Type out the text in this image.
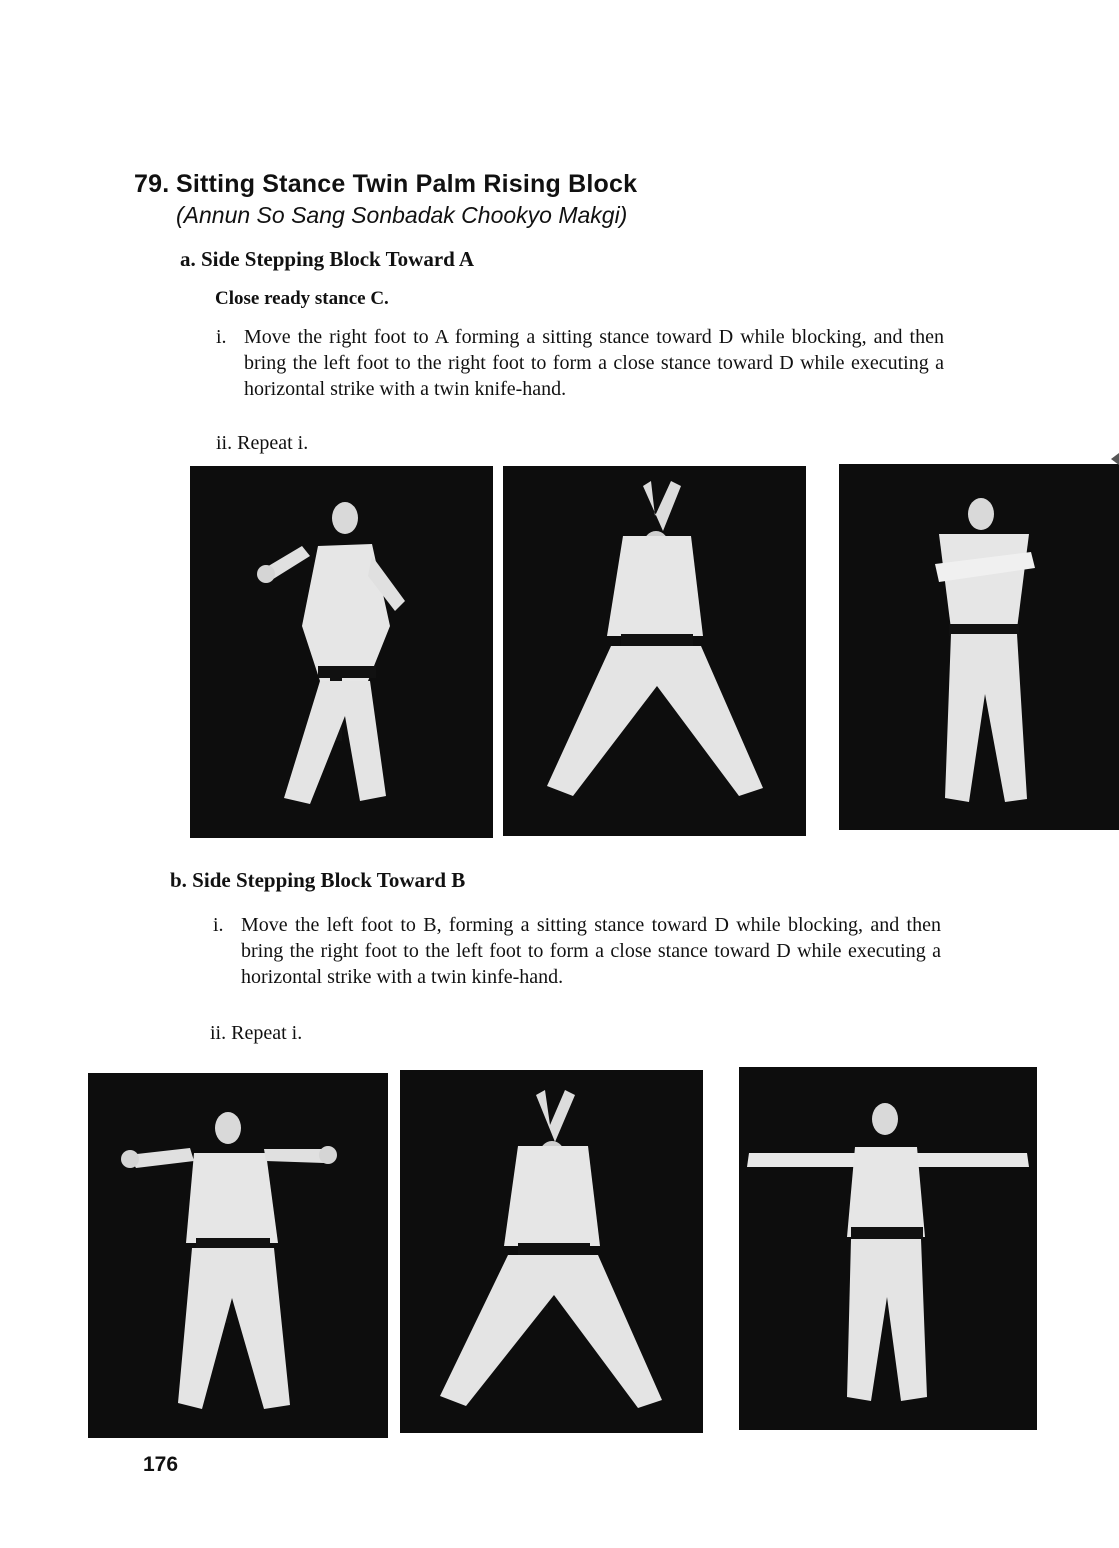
79. Sitting Stance Twin Palm Rising Block
(Annun So Sang Sonbadak Chookyo Makgi)
a. Side Stepping Block Toward A
Close ready stance C.
i. Move the right foot to A forming a sitting stance toward D while blocking, and then bring the left foot to the right foot to form a close stance toward D while executing a horizontal strike with a twin knife-hand.
ii. Repeat i.
b. Side Stepping Block Toward B
i. Move the left foot to B, forming a sitting stance toward D while blocking, and then bring the right foot to the left foot to form a close stance toward D while executing a horizontal strike with a twin kinfe-hand.
ii. Repeat i.
176
